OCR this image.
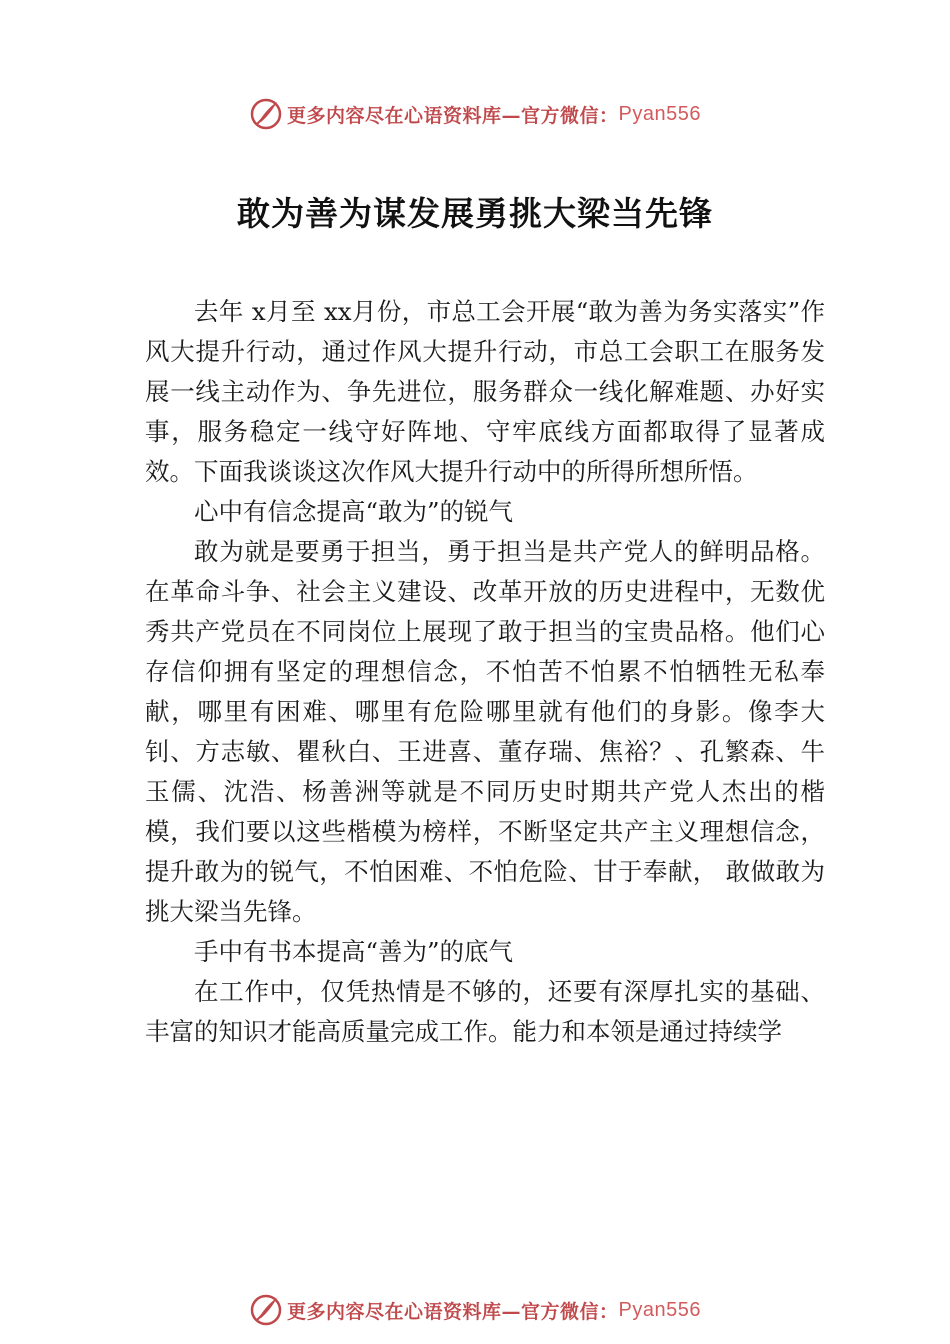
更多内容尽在心语资料库—官方微信： Pyan556
敢为善为谋发展勇挑大梁当先锋

去年 x月至 xx月份，市总工会开展“敢为善为务实落实”作风大提升行动，通过作风大提升行动，市总工会职工在服务发展一线主动作为、争先进位，服务群众一线化解难题、办好实事，服务稳定一线守好阵地、守牢底线方面都取得了显著成效。下面我谈谈这次作风大提升行动中的所得所想所悟。

心中有信念提高“敢为”的锐气

敢为就是要勇于担当，勇于担当是共产党人的鲜明品格。在革命斗争、社会主义建设、改革开放的历史进程中，无数优秀共产党员在不同岗位上展现了敢于担当的宝贵品格。他们心存信仰拥有坚定的理想信念，不怕苦不怕累不怕牺牲无私奉献，哪里有困难、哪里有危险哪里就有他们的身影。像李大钊、方志敏、瞿秋白、王进喜、董存瑞、焦裕？、孔繁森、牛玉儒、沈浩、杨善洲等就是不同历史时期共产党人杰出的楷模，我们要以这些楷模为榜样，不断坚定共产主义理想信念，提升敢为的锐气，不怕困难、不怕危险、甘于奉献， 敢做敢为挑大梁当先锋。

手中有书本提高“善为”的底气

在工作中，仅凭热情是不够的，还要有深厚扎实的基础、丰富的知识才能高质量完成工作。能力和本领是通过持续学

更多内容尽在心语资料库—官方微信： Pyan556
